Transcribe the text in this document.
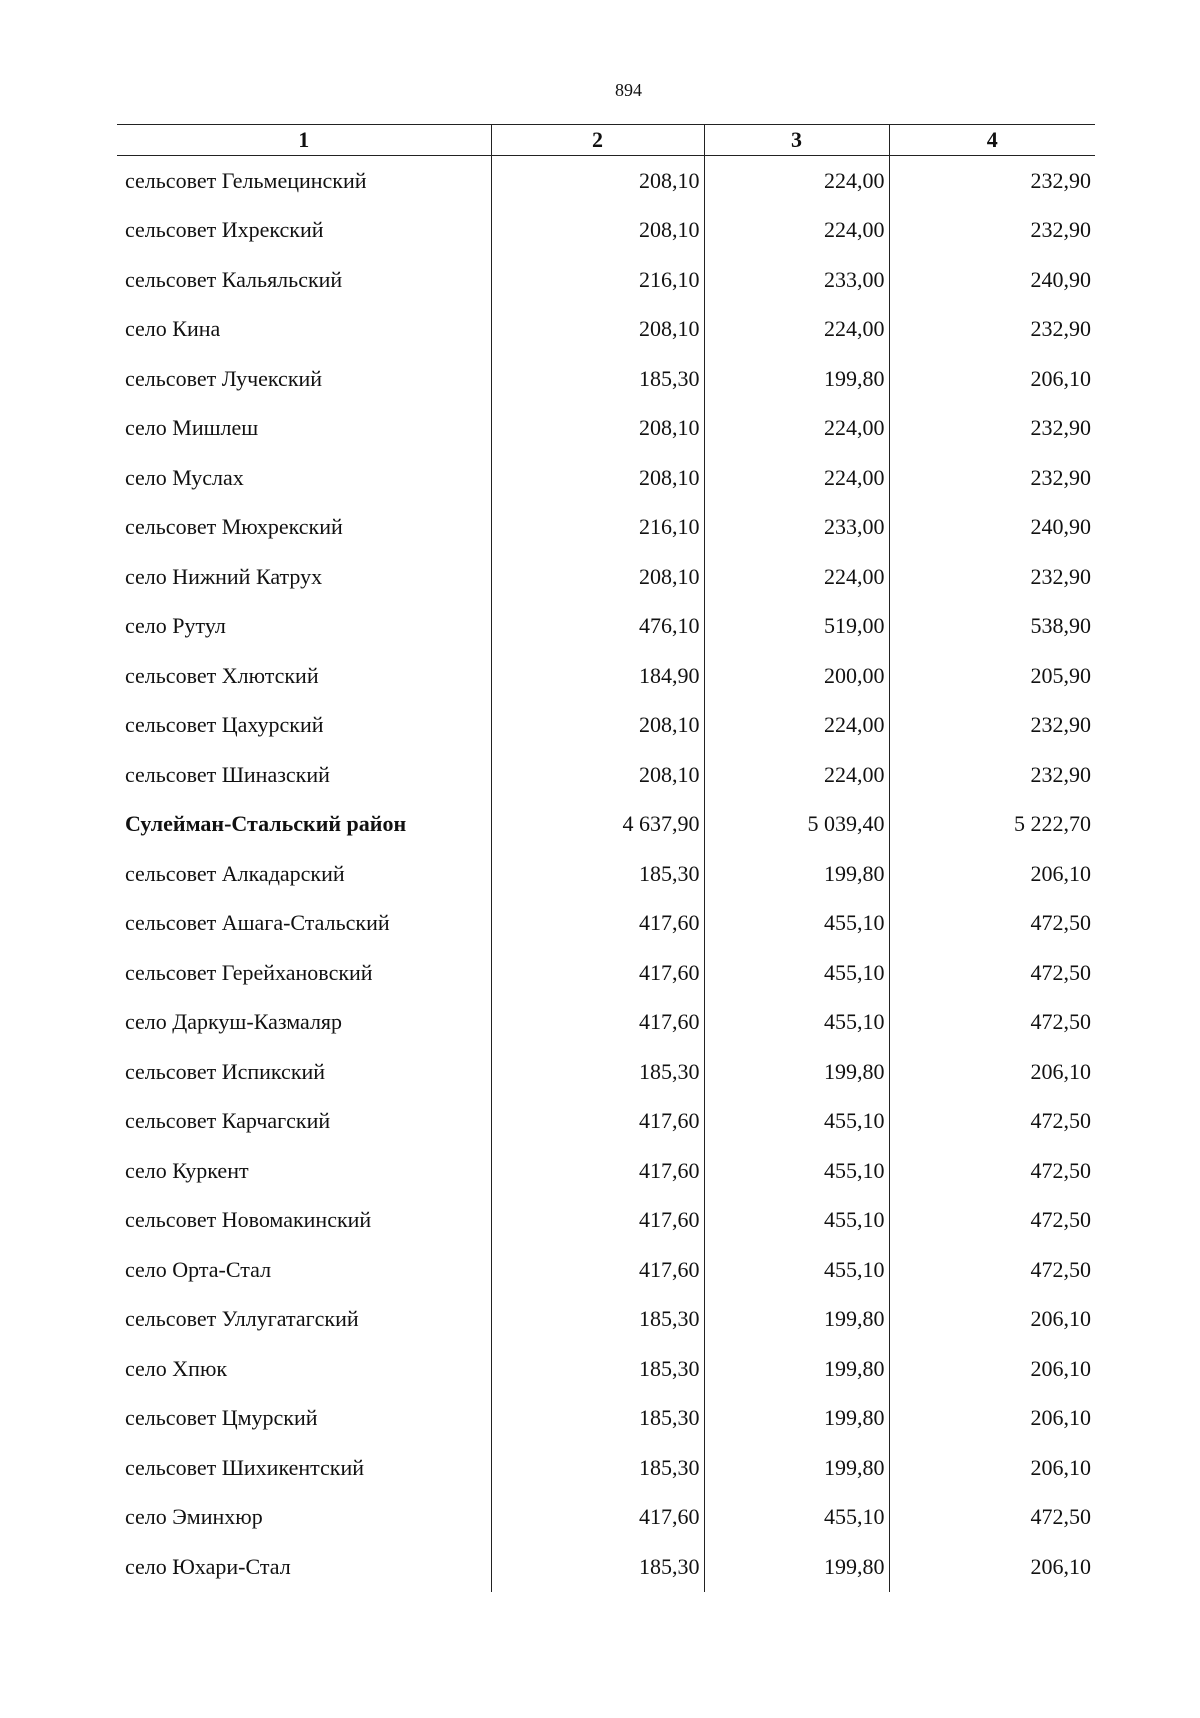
894
1	2	3	4
сельсовет Гельмецинский	208,10	224,00	232,90
сельсовет Ихрекский	208,10	224,00	232,90
сельсовет Кальяльский	216,10	233,00	240,90
село Кина	208,10	224,00	232,90
сельсовет Лучекский	185,30	199,80	206,10
село Мишлеш	208,10	224,00	232,90
село Муслах	208,10	224,00	232,90
сельсовет Мюхрекский	216,10	233,00	240,90
село Нижний Катрух	208,10	224,00	232,90
село Рутул	476,10	519,00	538,90
сельсовет Хлютский	184,90	200,00	205,90
сельсовет Цахурский	208,10	224,00	232,90
сельсовет Шиназский	208,10	224,00	232,90
Сулейман-Стальский район	4 637,90	5 039,40	5 222,70
сельсовет Алкадарский	185,30	199,80	206,10
сельсовет Ашага-Стальский	417,60	455,10	472,50
сельсовет Герейхановский	417,60	455,10	472,50
село Даркуш-Казмаляр	417,60	455,10	472,50
сельсовет Испикский	185,30	199,80	206,10
сельсовет Карчагский	417,60	455,10	472,50
село Куркент	417,60	455,10	472,50
сельсовет Новомакинский	417,60	455,10	472,50
село Орта-Стал	417,60	455,10	472,50
сельсовет Уллугатагский	185,30	199,80	206,10
село Хпюк	185,30	199,80	206,10
сельсовет Цмурский	185,30	199,80	206,10
сельсовет Шихикентский	185,30	199,80	206,10
село Эминхюр	417,60	455,10	472,50
село Юхари-Стал	185,30	199,80	206,10
